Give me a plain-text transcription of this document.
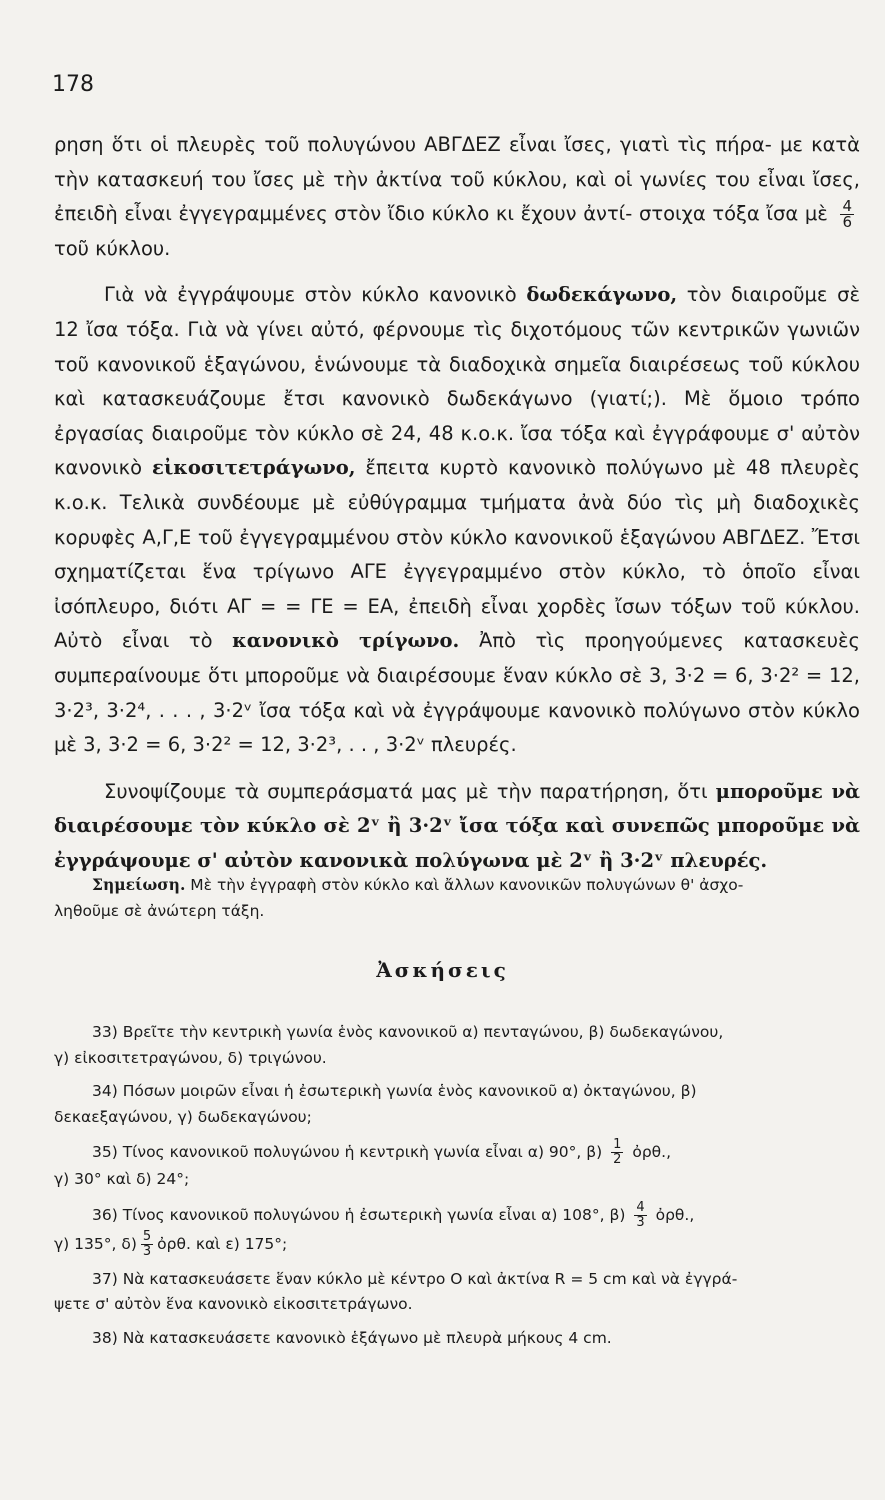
178

ρηση ὅτι οἱ πλευρὲς τοῦ πολυγώνου ΑΒΓΔΕΖ εἶναι ἴσες, γιατὶ τὶς πήρα- με κατὰ τὴν κατασκευή του ἴσες μὲ τὴν ἀκτίνα τοῦ κύκλου, καὶ οἱ γωνίες του εἶναι ἴσες, ἐπειδὴ εἶναι ἐγγεγραμμένες στὸν ἴδιο κύκλο κι ἔχουν ἀντί- στοιχα τόξα ἴσα μὲ $\frac{4}{6}$
τοῦ κύκλου.

Γιὰ νὰ ἐγγράψουμε στὸν κύκλο κανονικὸ δωδεκάγωνο, τὸν διαιροῦμε σὲ 12 ἴσα τόξα. Γιὰ νὰ γίνει αὐτό, φέρνουμε τὶς διχοτόμους τῶν κεντρικῶν γωνιῶν τοῦ κανονικοῦ ἑξαγώνου, ἑνώνουμε τὰ διαδοχικὰ σημεῖα διαιρέσεως τοῦ κύκλου καὶ κατασκευάζουμε ἔτσι κανονικὸ δωδεκάγωνο (γιατί;). Μὲ ὅμοιο τρόπο ἐργασίας διαιροῦμε τὸν κύκλο σὲ 24, 48 κ.ο.κ. ἴσα τόξα καὶ ἐγγράφουμε σ' αὐτὸν κανονικὸ εἰκοσιτετράγωνο, ἔπειτα κυρτὸ κανονικὸ πολύγωνο μὲ 48 πλευρὲς κ.ο.κ. Τελικὰ συνδέουμε μὲ εὐθύγραμμα τμήματα ἀνὰ δύο τὶς μὴ διαδοχικὲς κορυφὲς Α,Γ,Ε τοῦ ἐγγεγραμμένου στὸν κύκλο κανονικοῦ ἑξαγώνου ΑΒΓΔΕΖ. Ἔτσι σχηματίζεται ἕνα τρίγωνο ΑΓΕ ἐγγεγραμμένο στὸν κύκλο, τὸ ὁποῖο εἶναι ἰσόπλευρο, διότι ΑΓ = = ΓΕ = ΕΑ, ἐπειδὴ εἶναι χορδὲς ἴσων τόξων τοῦ κύκλου. Αὐτὸ εἶναι τὸ κανονικὸ τρίγωνο. Ἀπὸ τὶς προηγούμενες κατασκευὲς συμπεραίνουμε ὅτι μποροῦμε νὰ διαιρέσουμε ἕναν κύκλο σὲ 3, 3·2 = 6, 3·2² = 12, 3·2³, 3·2⁴, . . . , 3·2ᵛ ἴσα τόξα καὶ νὰ ἐγγράψουμε κανονικὸ πολύγωνο στὸν κύκλο μὲ 3, 3·2 = 6, 3·2² = 12, 3·2³, . . , 3·2ᵛ πλευρές.

Συνοψίζουμε τὰ συμπεράσματά μας μὲ τὴν παρατήρηση, ὅτι μποροῦμε νὰ διαιρέσουμε τὸν κύκλο σὲ 2ᵛ ἢ 3·2ᵛ ἴσα τόξα καὶ συνεπῶς μποροῦμε νὰ ἐγγράψουμε σ' αὐτὸν κανονικὰ πολύγωνα μὲ 2ᵛ ἢ 3·2ᵛ πλευρές.

Σημείωση. Μὲ τὴν ἐγγραφὴ στὸν κύκλο καὶ ἄλλων κανονικῶν πολυγώνων θ' ἀσχο-

ληθοῦμε σὲ ἀνώτερη τάξη.

Ἀσκήσεις

33) Βρεῖτε τὴν κεντρικὴ γωνία ἑνὸς κανονικοῦ α) πενταγώνου, β) δωδεκαγώνου,
γ) εἰκοσιτετραγώνου, δ) τριγώνου.

34) Πόσων μοιρῶν εἶναι ἡ ἐσωτερικὴ γωνία ἑνὸς κανονικοῦ α) ὀκταγώνου, β)
δεκαεξαγώνου, γ) δωδεκαγώνου;

35) Τίνος κανονικοῦ πολυγώνου ἡ κεντρικὴ γωνία εἶναι α) 90°, $\beta) \frac{1}{2}$ ὀρθ.,
γ) 30° καὶ δ) 24°;

36) Τίνος κανονικοῦ πολυγώνου ἡ ἐσωτερικὴ γωνία εἶναι α) 108°, $\beta) \frac{4}{3}$ ὀρθ.,
γ) 135°, $\delta) \frac{5}{3}$ ὀρθ. καὶ ε) 175°;

37) Νὰ κατασκευάσετε ἕναν κύκλο μὲ κέντρο Ο καὶ ἀκτίνα R = 5 cm καὶ νὰ ἐγγρά-
ψετε σ' αὐτὸν ἕνα κανονικὸ εἰκοσιτετράγωνο.

38) Νὰ κατασκευάσετε κανονικὸ ἑξάγωνο μὲ πλευρὰ μήκους 4 cm.
